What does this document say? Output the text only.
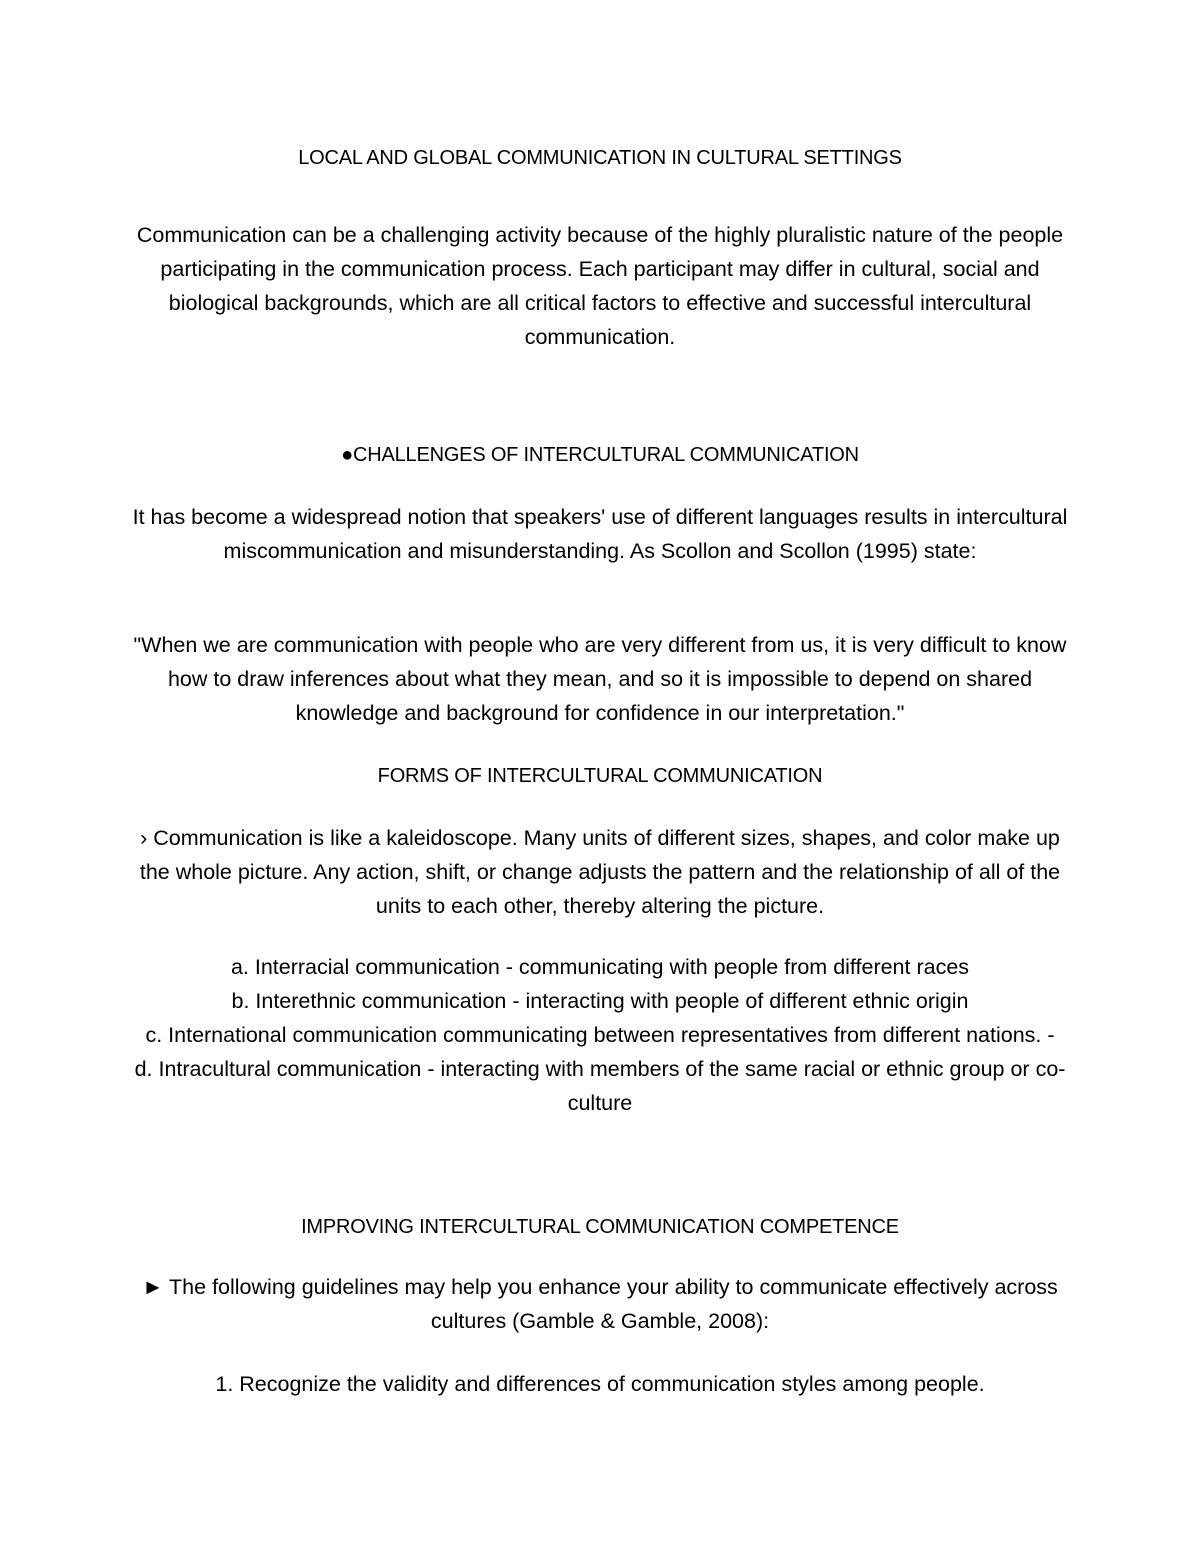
LOCAL AND GLOBAL COMMUNICATION IN CULTURAL SETTINGS

Communication can be a challenging activity because of the highly pluralistic nature of the people participating in the communication process. Each participant may differ in cultural, social and biological backgrounds, which are all critical factors to effective and successful intercultural communication.

●CHALLENGES OF INTERCULTURAL COMMUNICATION

It has become a widespread notion that speakers' use of different languages results in intercultural miscommunication and misunderstanding. As Scollon and Scollon (1995) state:

"When we are communication with people who are very different from us, it is very difficult to know how to draw inferences about what they mean, and so it is impossible to depend on shared knowledge and background for confidence in our interpretation."

FORMS OF INTERCULTURAL COMMUNICATION

› Communication is like a kaleidoscope. Many units of different sizes, shapes, and color make up the whole picture. Any action, shift, or change adjusts the pattern and the relationship of all of the units to each other, thereby altering the picture.

a. Interracial communication - communicating with people from different races

b. Interethnic communication - interacting with people of different ethnic origin

c. International communication communicating between representatives from different nations. -

d. Intracultural communication - interacting with members of the same racial or ethnic group or co-culture

IMPROVING INTERCULTURAL COMMUNICATION COMPETENCE

► The following guidelines may help you enhance your ability to communicate effectively across cultures (Gamble & Gamble, 2008):

1. Recognize the validity and differences of communication styles among people.
